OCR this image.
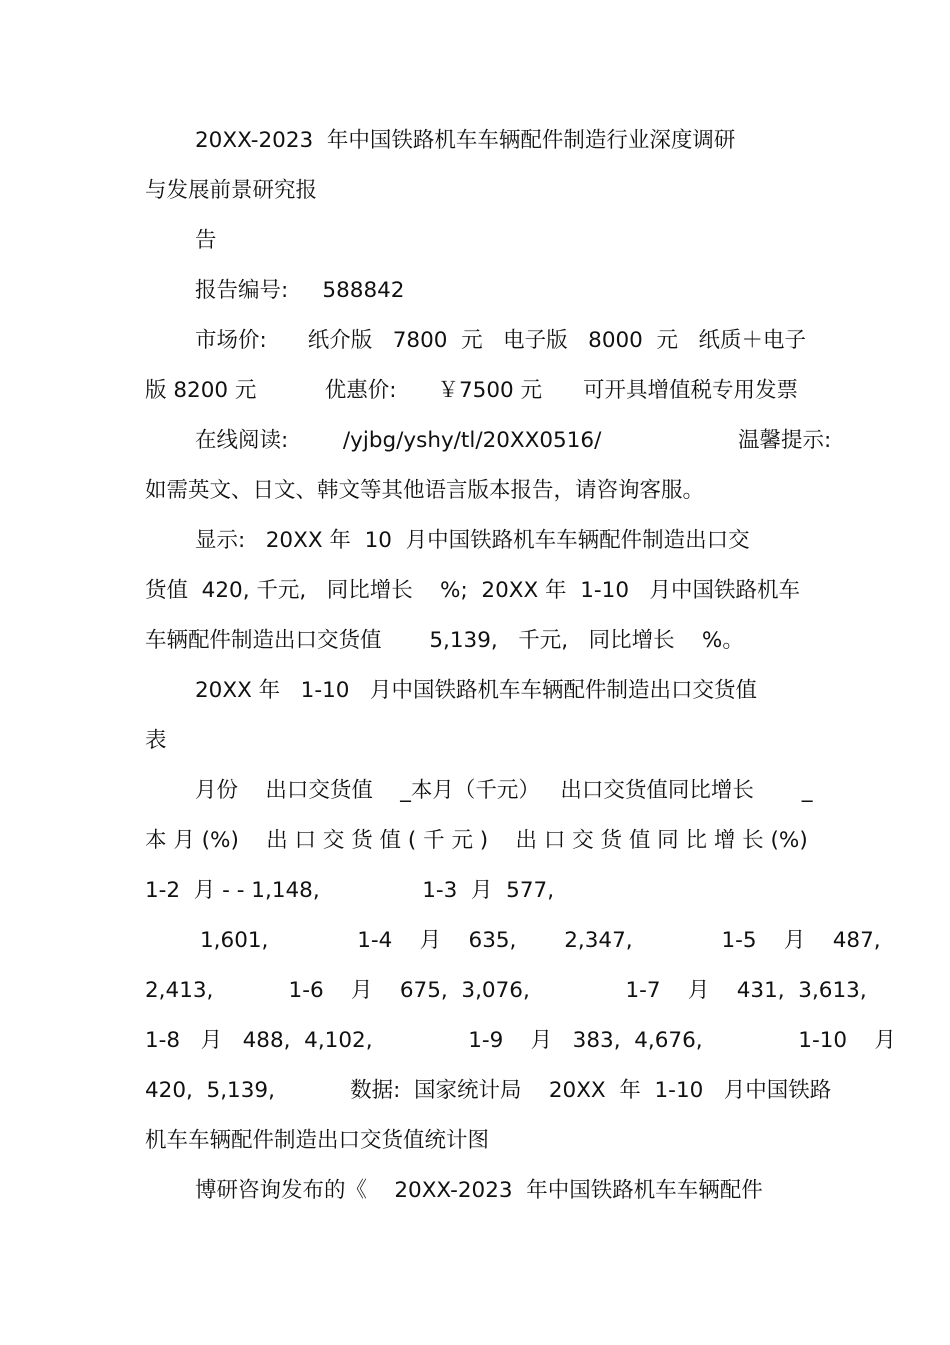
20XX-2023  年中国铁路机车车辆配件制造行业深度调研
与发展前景研究报
告
报告编号:     588842
市场价:      纸介版   7800  元   电子版   8000  元   纸质＋电子
版 8200 元          优惠价:      ￥7500 元      可开具增值税专用发票
在线阅读:        /yjbg/yshy/tl/20XX0516/                    温馨提示:
如需英文、日文、韩文等其他语言版本报告，请咨询客服。
显示:   20XX 年  10  月中国铁路机车车辆配件制造出口交
货值  420, 千元,   同比增长    %;  20XX 年  1-10   月中国铁路机车
车辆配件制造出口交货值       5,139,   千元,   同比增长    %。
20XX 年   1-10   月中国铁路机车车辆配件制造出口交货值
表
月份    出口交货值    _本月（千元）   出口交货值同比增长       _
本 月 (%)    出 口 交 货 值 ( 千 元 )    出 口 交 货 值 同 比 增 长 (%)
1-2  月 - - 1,148,               1-3  月  577,
1,601,             1-4    月    635,       2,347,             1-5    月    487,
2,413,           1-6    月    675,  3,076,              1-7    月    431,  3,613,
1-8   月   488,  4,102,              1-9    月   383,  4,676,              1-10    月
420,  5,139,           数据:  国家统计局    20XX  年  1-10   月中国铁路
机车车辆配件制造出口交货值统计图
博研咨询发布的《    20XX-2023  年中国铁路机车车辆配件
